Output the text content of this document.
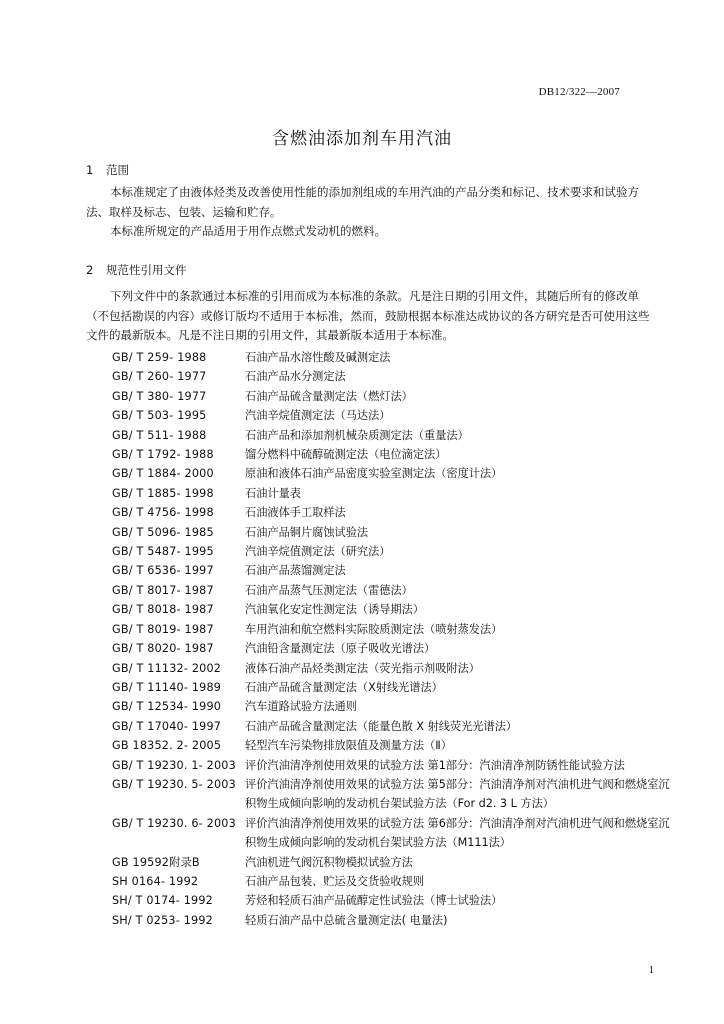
DB12/322—2007
含燃油添加剂车用汽油
1 范围

本标准规定了由液体烃类及改善使用性能的添加剂组成的车用汽油的产品分类和标记、技术要求和试验方法、取样及标志、包装、运输和贮存。

本标准所规定的产品适用于用作点燃式发动机的燃料。

2 规范性引用文件

下列文件中的条款通过本标准的引用而成为本标准的条款。凡是注日期的引用文件，其随后所有的修改单（不包括勘误的内容）或修订版均不适用于本标准，然而，鼓励根据本标准达成协议的各方研究是否可使用这些文件的最新版本。凡是不注日期的引用文件，其最新版本适用于本标准。

GB/ T 259- 1988	石油产品水溶性酸及碱测定法
GB/ T 260- 1977	石油产品水分测定法
GB/ T 380- 1977	石油产品硫含量测定法（燃灯法）
GB/ T 503- 1995	汽油辛烷值测定法（马达法）
GB/ T 511- 1988	石油产品和添加剂机械杂质测定法（重量法）
GB/ T 1792- 1988	馏分燃料中硫醇硫测定法（电位滴定法）
GB/ T 1884- 2000	原油和液体石油产品密度实验室测定法（密度计法）
GB/ T 1885- 1998	石油计量表
GB/ T 4756- 1998	石油液体手工取样法
GB/ T 5096- 1985	石油产品铜片腐蚀试验法
GB/ T 5487- 1995	汽油辛烷值测定法（研究法）
GB/ T 6536- 1997	石油产品蒸馏测定法
GB/ T 8017- 1987	石油产品蒸气压测定法（雷德法）
GB/ T 8018- 1987	汽油氧化安定性测定法（诱导期法）
GB/ T 8019- 1987	车用汽油和航空燃料实际胶质测定法（喷射蒸发法）
GB/ T 8020- 1987	汽油铅含量测定法（原子吸收光谱法）
GB/ T 11132- 2002	液体石油产品烃类测定法（荧光指示剂吸附法）
GB/ T 11140- 1989	石油产品硫含量测定法（X射线光谱法）
GB/ T 12534- 1990	汽车道路试验方法通则
GB/ T 17040- 1997	石油产品硫含量测定法（能量色散 X 射线荧光光谱法）
GB 18352. 2- 2005	轻型汽车污染物排放限值及测量方法（Ⅱ）
GB/ T 19230. 1- 2003 评价汽油清净剂使用效果的试验方法 第1部分：汽油清净剂防锈性能试验方法
GB/ T 19230. 5- 2003 评价汽油清净剂使用效果的试验方法 第5部分：汽油清净剂对汽油机进气阀和燃烧室沉积物生成倾向影响的发动机台架试验方法（For d2. 3 L 方法）
GB/ T 19230. 6- 2003 评价汽油清净剂使用效果的试验方法 第6部分：汽油清净剂对汽油机进气阀和燃烧室沉积物生成倾向影响的发动机台架试验方法（M111法）
GB 19592附录B	汽油机进气阀沉积物模拟试验方法
SH 0164- 1992	石油产品包装、贮运及交货验收规则
SH/ T 0174- 1992	芳烃和轻质石油产品硫醇定性试验法（博士试验法）
SH/ T 0253- 1992	轻质石油产品中总硫含量测定法( 电量法)
1
